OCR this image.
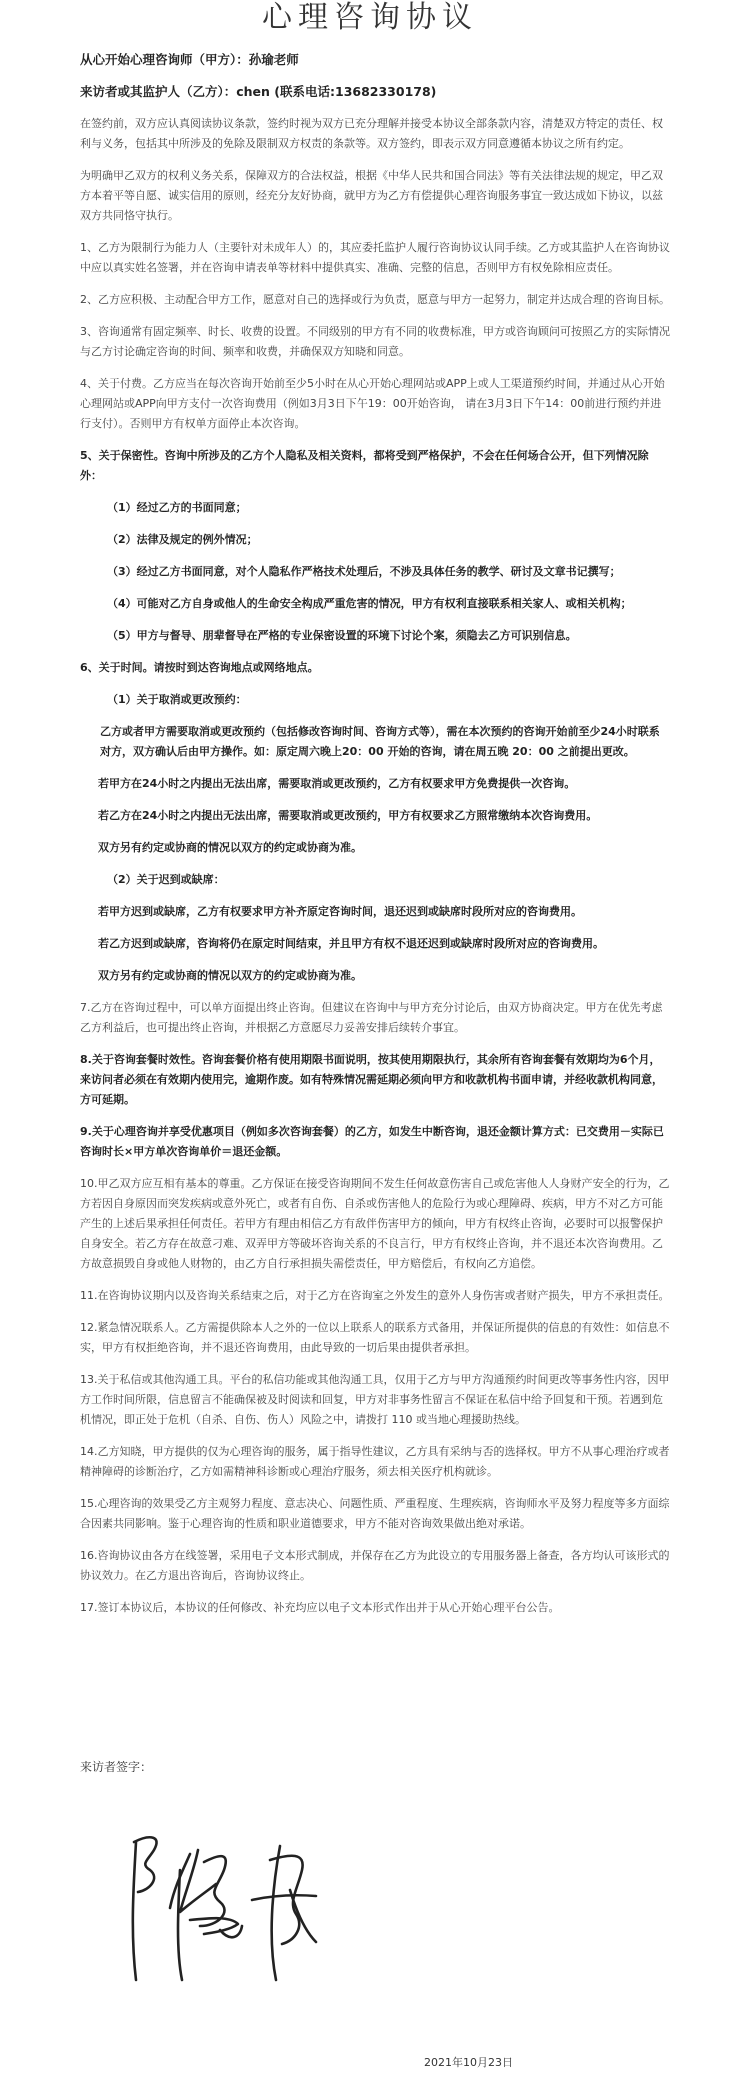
心理咨询协议

从心开始心理咨询师（甲方）：孙瑜老师

来访者或其监护人（乙方）：chen (联系电话:13682330178)

在签约前，双方应认真阅读协议条款，签约时视为双方已充分理解并接受本协议全部条款内容，清楚双方特定的责任、权利与义务，包括其中所涉及的免除及限制双方权责的条款等。双方签约，即表示双方同意遵循本协议之所有约定。

为明确甲乙双方的权利义务关系，保障双方的合法权益，根据《中华人民共和国合同法》等有关法律法规的规定，甲乙双方本着平等自愿、诚实信用的原则，经充分友好协商，就甲方为乙方有偿提供心理咨询服务事宜一致达成如下协议，以兹双方共同恪守执行。

1、乙方为限制行为能力人（主要针对未成年人）的，其应委托监护人履行咨询协议认同手续。乙方或其监护人在咨询协议中应以真实姓名签署，并在咨询申请表单等材料中提供真实、准确、完整的信息，否则甲方有权免除相应责任。

2、乙方应积极、主动配合甲方工作，愿意对自己的选择或行为负责，愿意与甲方一起努力，制定并达成合理的咨询目标。

3、咨询通常有固定频率、时长、收费的设置。不同级别的甲方有不同的收费标准，甲方或咨询顾问可按照乙方的实际情况与乙方讨论确定咨询的时间、频率和收费，并确保双方知晓和同意。

4、关于付费。乙方应当在每次咨询开始前至少5小时在从心开始心理网站或APP上或人工渠道预约时间，并通过从心开始心理网站或APP向甲方支付一次咨询费用（例如3月3日下午19：00开始咨询， 请在3月3日下午14：00前进行预约并进行支付）。否则甲方有权单方面停止本次咨询。

5、关于保密性。咨询中所涉及的乙方个人隐私及相关资料，都将受到严格保护，不会在任何场合公开，但下列情况除外：

（1）经过乙方的书面同意；

（2）法律及规定的例外情况；

（3）经过乙方书面同意，对个人隐私作严格技术处理后，不涉及具体任务的教学、研讨及文章书记撰写；

（4）可能对乙方自身或他人的生命安全构成严重危害的情况，甲方有权利直接联系相关家人、或相关机构；

（5）甲方与督导、朋辈督导在严格的专业保密设置的环境下讨论个案，须隐去乙方可识别信息。

6、关于时间。请按时到达咨询地点或网络地点。

（1）关于取消或更改预约：

乙方或者甲方需要取消或更改预约（包括修改咨询时间、咨询方式等），需在本次预约的咨询开始前至少24小时联系对方，双方确认后由甲方操作。如：原定周六晚上20：00 开始的咨询，请在周五晚 20：00 之前提出更改。

若甲方在24小时之内提出无法出席，需要取消或更改预约，乙方有权要求甲方免费提供一次咨询。

若乙方在24小时之内提出无法出席，需要取消或更改预约，甲方有权要求乙方照常缴纳本次咨询费用。

双方另有约定或协商的情况以双方的约定或协商为准。

（2）关于迟到或缺席：

若甲方迟到或缺席，乙方有权要求甲方补齐原定咨询时间，退还迟到或缺席时段所对应的咨询费用。

若乙方迟到或缺席，咨询将仍在原定时间结束，并且甲方有权不退还迟到或缺席时段所对应的咨询费用。

双方另有约定或协商的情况以双方的约定或协商为准。

7.乙方在咨询过程中，可以单方面提出终止咨询。但建议在咨询中与甲方充分讨论后，由双方协商决定。甲方在优先考虑乙方利益后，也可提出终止咨询，并根据乙方意愿尽力妥善安排后续转介事宜。

8.关于咨询套餐时效性。咨询套餐价格有使用期限书面说明，按其使用期限执行，其余所有咨询套餐有效期均为6个月，来访问者必须在有效期内使用完，逾期作废。如有特殊情况需延期必须向甲方和收款机构书面申请，并经收款机构同意，方可延期。

9.关于心理咨询并享受优惠项目（例如多次咨询套餐）的乙方，如发生中断咨询，退还金额计算方式：已交费用－实际已咨询时长×甲方单次咨询单价＝退还金额。

10.甲乙双方应互相有基本的尊重。乙方保证在接受咨询期间不发生任何故意伤害自己或危害他人人身财产安全的行为，乙方若因自身原因而突发疾病或意外死亡，或者有自伤、自杀或伤害他人的危险行为或心理障碍、疾病，甲方不对乙方可能产生的上述后果承担任何责任。若甲方有理由相信乙方有敌伴伤害甲方的倾向，甲方有权终止咨询，必要时可以报警保护自身安全。若乙方存在故意刁难、双弄甲方等破坏咨询关系的不良言行，甲方有权终止咨询，并不退还本次咨询费用。乙方故意损毁自身或他人财物的，由乙方自行承担损失需偿责任，甲方赔偿后，有权向乙方追偿。

11.在咨询协议期内以及咨询关系结束之后，对于乙方在咨询室之外发生的意外人身伤害或者财产损失，甲方不承担责任。

12.紧急情况联系人。乙方需提供除本人之外的一位以上联系人的联系方式备用，并保证所提供的信息的有效性：如信息不实，甲方有权拒绝咨询，并不退还咨询费用，由此导致的一切后果由提供者承担。

13.关于私信或其他沟通工具。平台的私信功能或其他沟通工具，仅用于乙方与甲方沟通预约时间更改等事务性内容，因甲方工作时间所限，信息留言不能确保被及时阅读和回复，甲方对非事务性留言不保证在私信中给予回复和干预。若遇到危机情况，即正处于危机（自杀、自伤、伤人）风险之中，请拨打 110 或当地心理援助热线。

14.乙方知晓，甲方提供的仅为心理咨询的服务，属于指导性建议，乙方具有采纳与否的选择权。甲方不从事心理治疗或者精神障碍的诊断治疗，乙方如需精神科诊断或心理治疗服务，须去相关医疗机构就诊。

15.心理咨询的效果受乙方主观努力程度、意志决心、问题性质、严重程度、生理疾病，咨询师水平及努力程度等多方面综合因素共同影响。鉴于心理咨询的性质和职业道德要求，甲方不能对咨询效果做出绝对承诺。

16.咨询协议由各方在线签署，采用电子文本形式制成，并保存在乙方为此设立的专用服务器上备查，各方均认可该形式的协议效力。在乙方退出咨询后，咨询协议终止。

17.签订本协议后，本协议的任何修改、补充均应以电子文本形式作出并于从心开始心理平台公告。

来访者签字：
2021年10月23日
